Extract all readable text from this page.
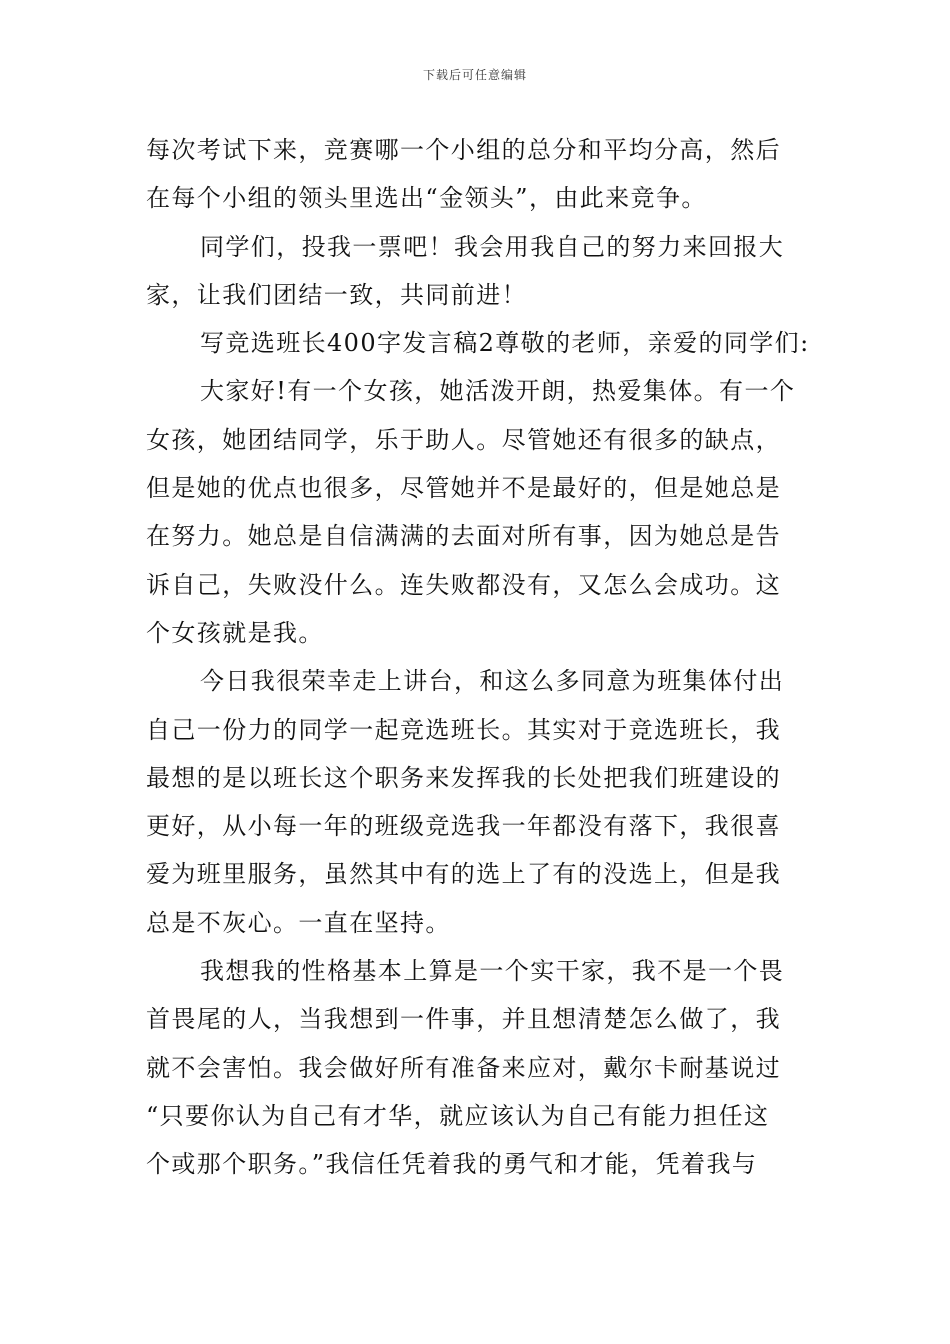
下载后可任意编辑
每次考试下来，竞赛哪一个小组的总分和平均分高，然后
在每个小组的领头里选出“金领头”，由此来竞争。
同学们，投我一票吧！我会用我自己的努力来回报大
家，让我们团结一致，共同前进！
写竞选班长400字发言稿2尊敬的老师，亲爱的同学们:
大家好!有一个女孩，她活泼开朗，热爱集体。有一个
女孩，她团结同学，乐于助人。尽管她还有很多的缺点，
但是她的优点也很多，尽管她并不是最好的，但是她总是
在努力。她总是自信满满的去面对所有事，因为她总是告
诉自己，失败没什么。连失败都没有，又怎么会成功。这
个女孩就是我。
今日我很荣幸走上讲台，和这么多同意为班集体付出
自己一份力的同学一起竞选班长。其实对于竞选班长，我
最想的是以班长这个职务来发挥我的长处把我们班建设的
更好，从小每一年的班级竞选我一年都没有落下，我很喜
爱为班里服务，虽然其中有的选上了有的没选上，但是我
总是不灰心。一直在坚持。
我想我的性格基本上算是一个实干家，我不是一个畏
首畏尾的人，当我想到一件事，并且想清楚怎么做了，我
就不会害怕。我会做好所有准备来应对，戴尔卡耐基说过
“只要你认为自己有才华，就应该认为自己有能力担任这
个或那个职务。”我信任凭着我的勇气和才能，凭着我与
